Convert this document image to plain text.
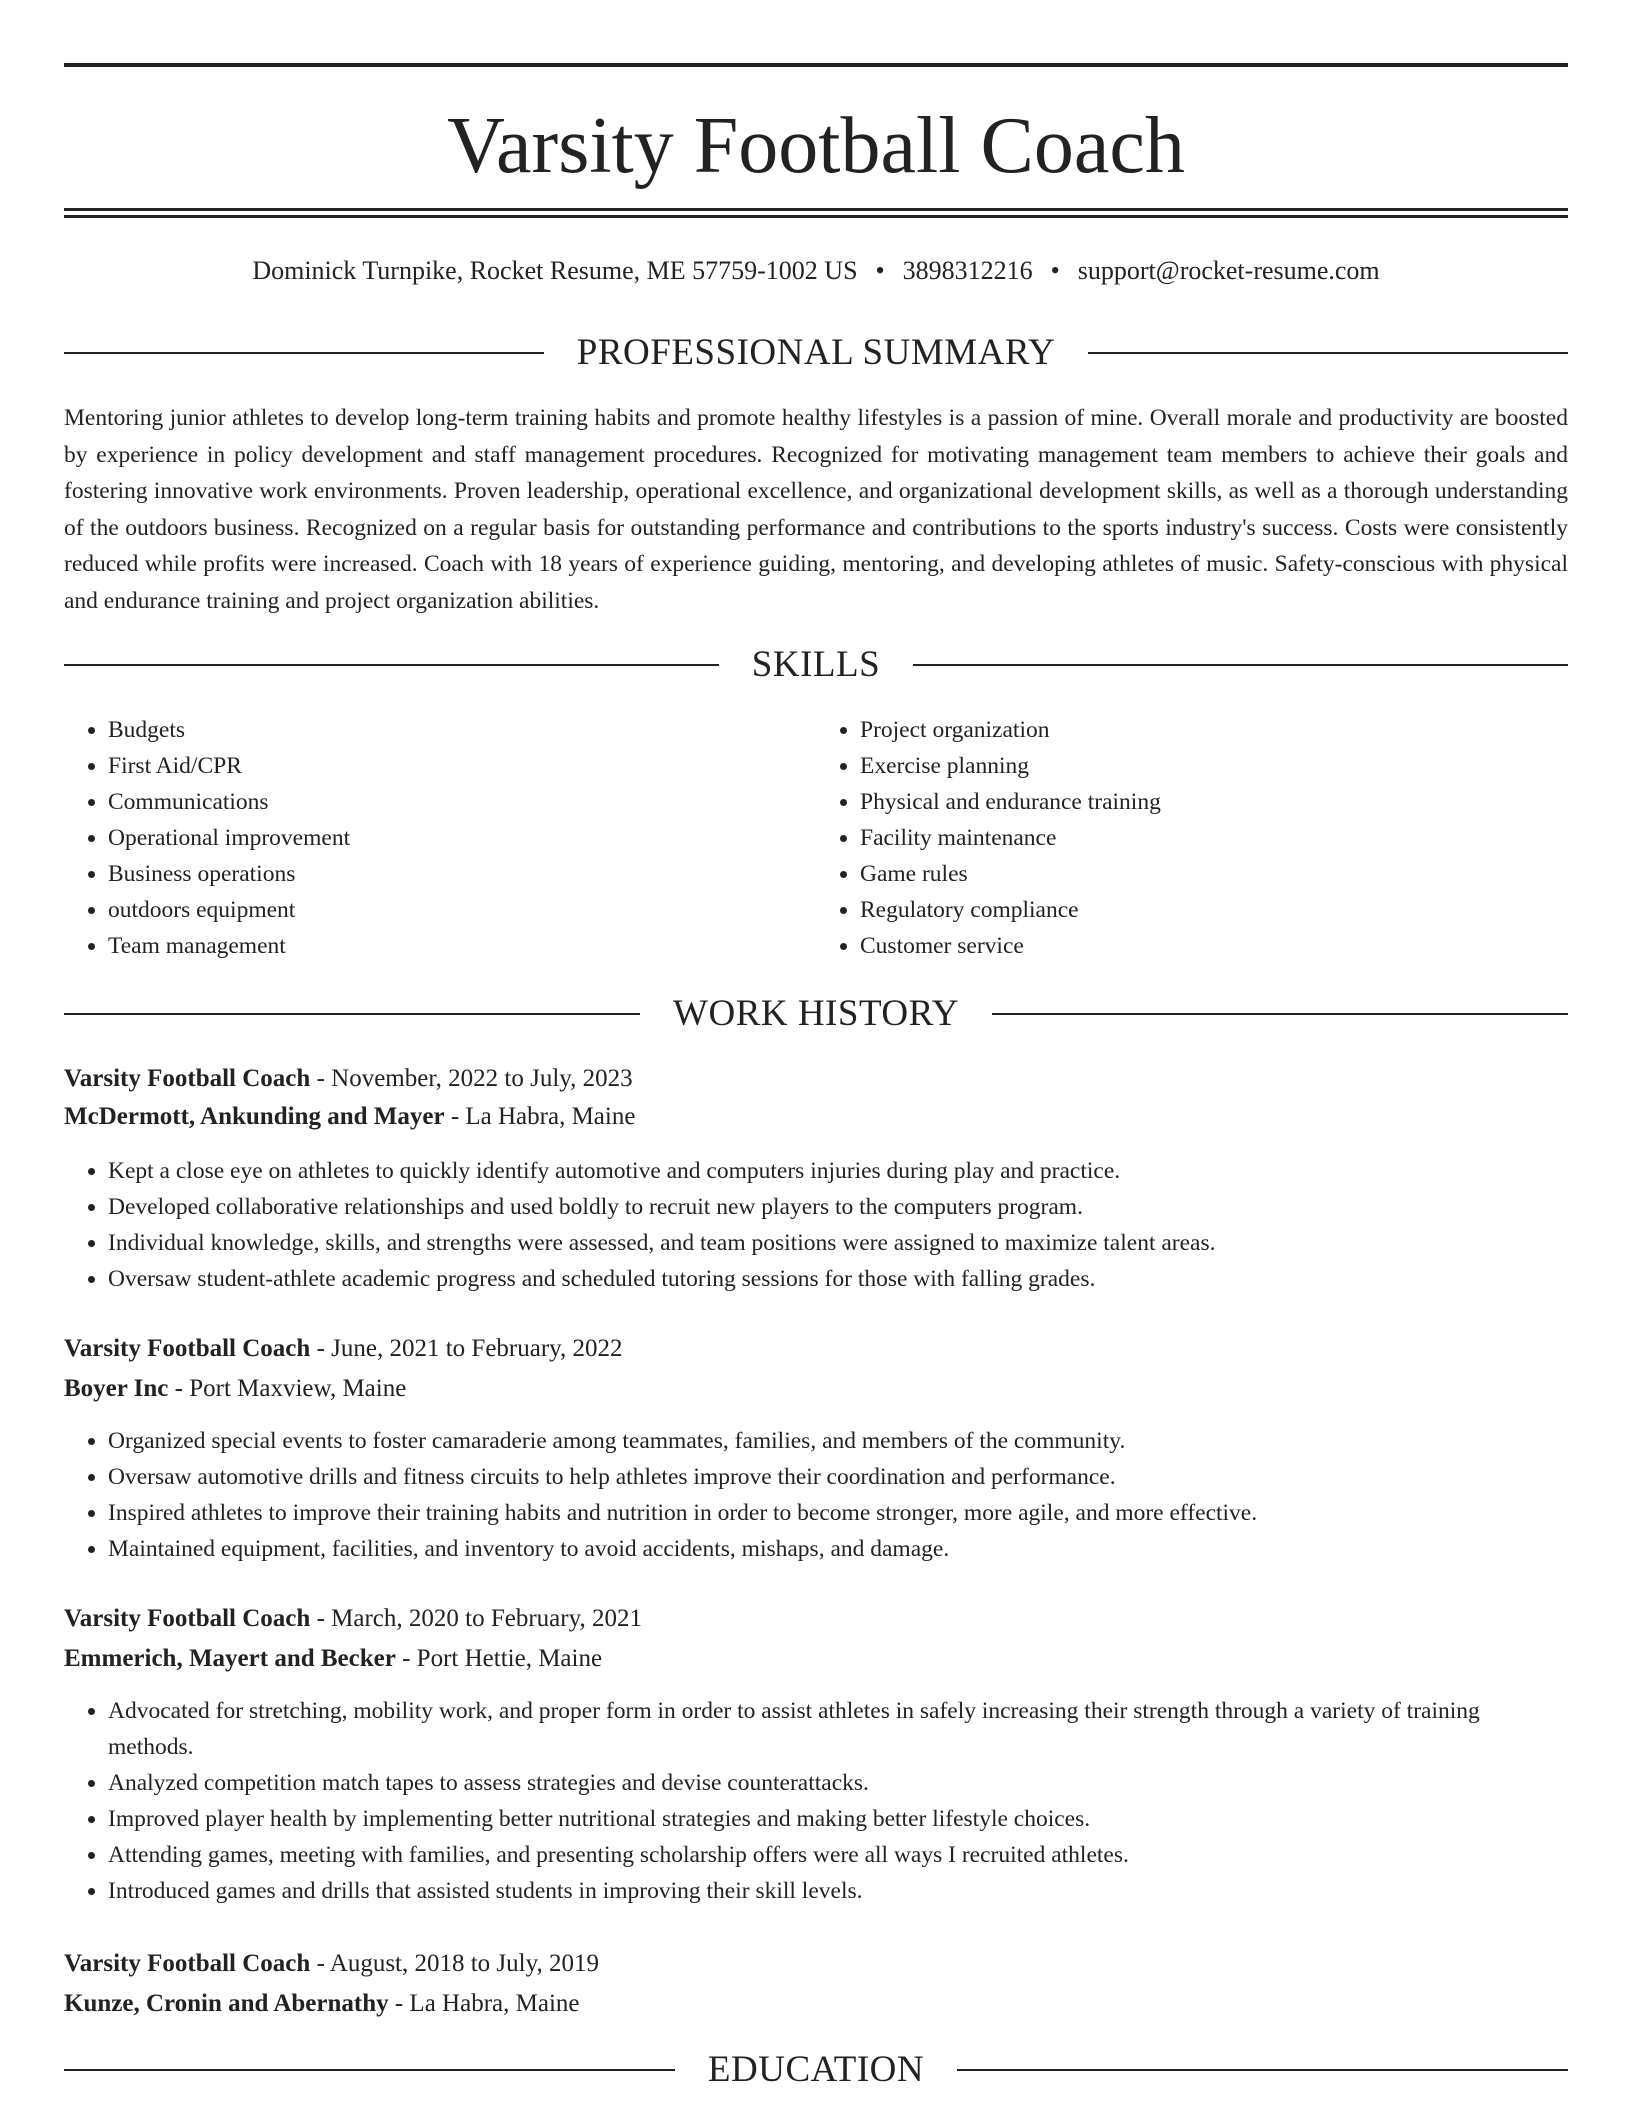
Varsity Football Coach
Dominick Turnpike, Rocket Resume, ME 57759-1002 US • 3898312216 • support@rocket-resume.com
PROFESSIONAL SUMMARY

Mentoring junior athletes to develop long-term training habits and promote healthy lifestyles is a passion of mine. Overall morale and productivity are boosted by experience in policy development and staff management procedures. Recognized for motivating management team members to achieve their goals and fostering innovative work environments. Proven leadership, operational excellence, and organizational development skills, as well as a thorough understanding of the outdoors business. Recognized on a regular basis for outstanding performance and contributions to the sports industry's success. Costs were consistently reduced while profits were increased. Coach with 18 years of experience guiding, mentoring, and developing athletes of music. Safety-conscious with physical and endurance training and project organization abilities.

SKILLS
• Budgets
• First Aid/CPR
• Communications
• Operational improvement
• Business operations
• outdoors equipment
• Team management
• Project organization
• Exercise planning
• Physical and endurance training
• Facility maintenance
• Game rules
• Regulatory compliance
• Customer service
WORK HISTORY
Varsity Football Coach - November, 2022 to July, 2023
McDermott, Ankunding and Mayer - La Habra, Maine
• Kept a close eye on athletes to quickly identify automotive and computers injuries during play and practice.
• Developed collaborative relationships and used boldly to recruit new players to the computers program.
• Individual knowledge, skills, and strengths were assessed, and team positions were assigned to maximize talent areas.
• Oversaw student-athlete academic progress and scheduled tutoring sessions for those with falling grades.
Varsity Football Coach - June, 2021 to February, 2022
Boyer Inc - Port Maxview, Maine
• Organized special events to foster camaraderie among teammates, families, and members of the community.
• Oversaw automotive drills and fitness circuits to help athletes improve their coordination and performance.
• Inspired athletes to improve their training habits and nutrition in order to become stronger, more agile, and more effective.
• Maintained equipment, facilities, and inventory to avoid accidents, mishaps, and damage.
Varsity Football Coach - March, 2020 to February, 2021
Emmerich, Mayert and Becker - Port Hettie, Maine
• Advocated for stretching, mobility work, and proper form in order to assist athletes in safely increasing their strength through a variety of training methods.
• Analyzed competition match tapes to assess strategies and devise counterattacks.
• Improved player health by implementing better nutritional strategies and making better lifestyle choices.
• Attending games, meeting with families, and presenting scholarship offers were all ways I recruited athletes.
• Introduced games and drills that assisted students in improving their skill levels.
Varsity Football Coach - August, 2018 to July, 2019
Kunze, Cronin and Abernathy - La Habra, Maine
EDUCATION
